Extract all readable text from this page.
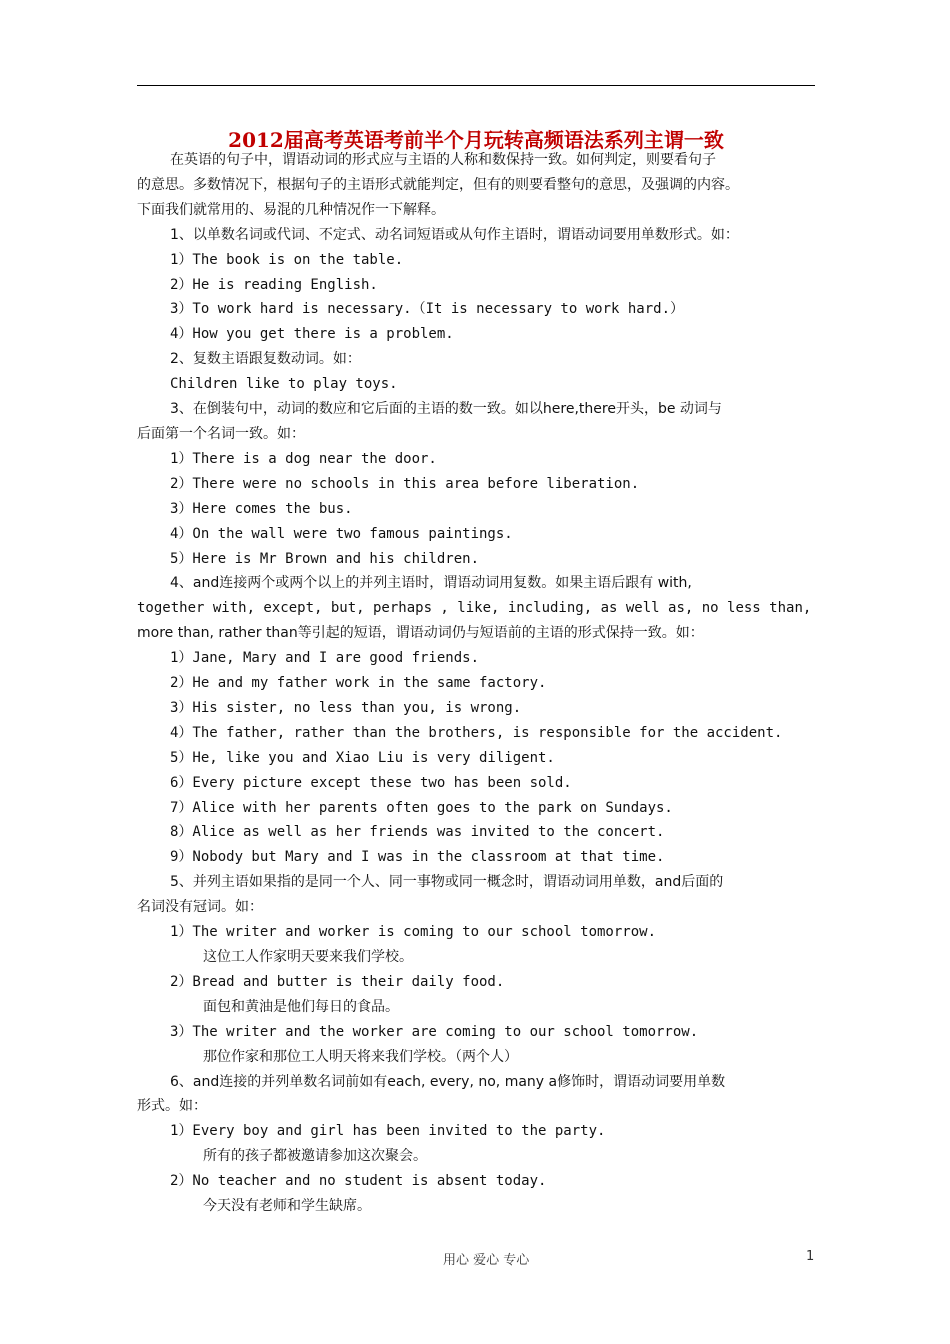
2012届高考英语考前半个月玩转高频语法系列主谓一致
在英语的句子中，谓语动词的形式应与主语的人称和数保持一致。如何判定，则要看句子
的意思。多数情况下，根据句子的主语形式就能判定，但有的则要看整句的意思，及强调的内容。
下面我们就常用的、易混的几种情况作一下解释。
1、以单数名词或代词、不定式、动名词短语或从句作主语时，谓语动词要用单数形式。如：
1）The book is on the table.
2）He is reading English.
3）To work hard is necessary.（It is necessary to work hard.）
4）How you get there is a problem.
2、复数主语跟复数动词。如：
Children like to play toys.
3、在倒装句中，动词的数应和它后面的主语的数一致。如以here,there开头，be 动词与
后面第一个名词一致。如：
1）There is a dog near the door.
2）There were no schools in this area before liberation.
3）Here comes the bus.
4）On the wall were two famous paintings.
5）Here is Mr Brown and his children.
4、and连接两个或两个以上的并列主语时，谓语动词用复数。如果主语后跟有 with,
together with, except, but, perhaps , like, including, as well as, no less than,
more than, rather than等引起的短语，谓语动词仍与短语前的主语的形式保持一致。如：
1）Jane, Mary and I are good friends.
2）He and my father work in the same factory.
3）His sister, no less than you, is wrong.
4）The father, rather than the brothers, is responsible for the accident.
5）He, like you and Xiao Liu is very diligent.
6）Every picture except these two has been sold.
7）Alice with her parents often goes to the park on Sundays.
8）Alice as well as her friends was invited to the concert.
9）Nobody but Mary and I was in the classroom at that time.
5、并列主语如果指的是同一个人、同一事物或同一概念时，谓语动词用单数，and后面的
名词没有冠词。如：
1）The writer and worker is coming to our school tomorrow.
这位工人作家明天要来我们学校。
2）Bread and butter is their daily food.
面包和黄油是他们每日的食品。
3）The writer and the worker are coming to our school tomorrow.
那位作家和那位工人明天将来我们学校。（两个人）
6、and连接的并列单数名词前如有each, every, no, many a修饰时，谓语动词要用单数
形式。如：
1）Every boy and girl has been invited to the party.
所有的孩子都被邀请参加这次聚会。
2）No teacher and no student is absent today.
今天没有老师和学生缺席。
用心 爱心 专心	1
